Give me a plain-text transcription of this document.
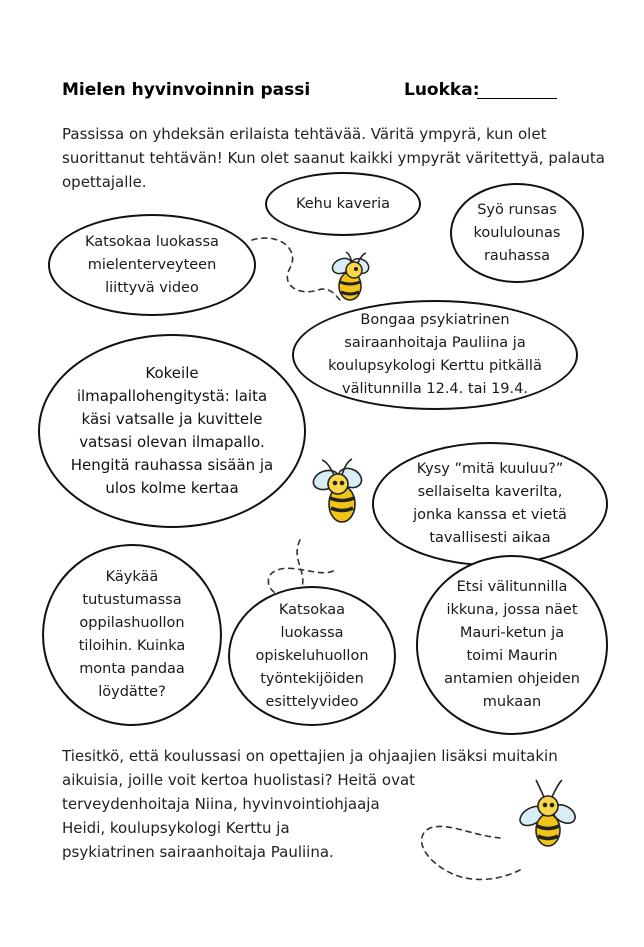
Mielen hyvinvoinnin passi	Luokka:
Passissa on yhdeksän erilaista tehtävää. Väritä ympyrä, kun olet suorittanut tehtävän! Kun olet saanut kaikki ympyrät väritettyä, palauta opettajalle.
Kehu kaveria	Syö runsas koululounas rauhassa
Katsokaa luokassa mielenterveyteen liittyvä video
Bongaa psykiatrinen sairaanhoitaja Pauliina ja koulupsykologi Kerttu pitkällä välitunnilla 12.4. tai 19.4.
Kokeile ilmapallohengitystä: laita käsi vatsalle ja kuvittele vatsasi olevan ilmapallo. Hengitä rauhassa sisään ja ulos kolme kertaa
Kysy ”mitä kuuluu?” sellaiselta kaverilta, jonka kanssa et vietä tavallisesti aikaa
Käykää tutustumassa oppilashuollon tiloihin. Kuinka monta pandaa löydätte?
Katsokaa luokassa opiskeluhuollon työntekijöiden esittelyvideo
Etsi välitunnilla ikkuna, jossa näet Mauri-ketun ja toimi Maurin antamien ohjeiden mukaan
Tiesitkö, että koulussasi on opettajien ja ohjaajien lisäksi muitakin
aikuisia, joille voit kertoa huolistasi? Heitä ovat
terveydenhoitaja Niina, hyvinvointiohjaaja
Heidi, koulupsykologi Kerttu ja
psykiatrinen sairaanhoitaja Pauliina.
